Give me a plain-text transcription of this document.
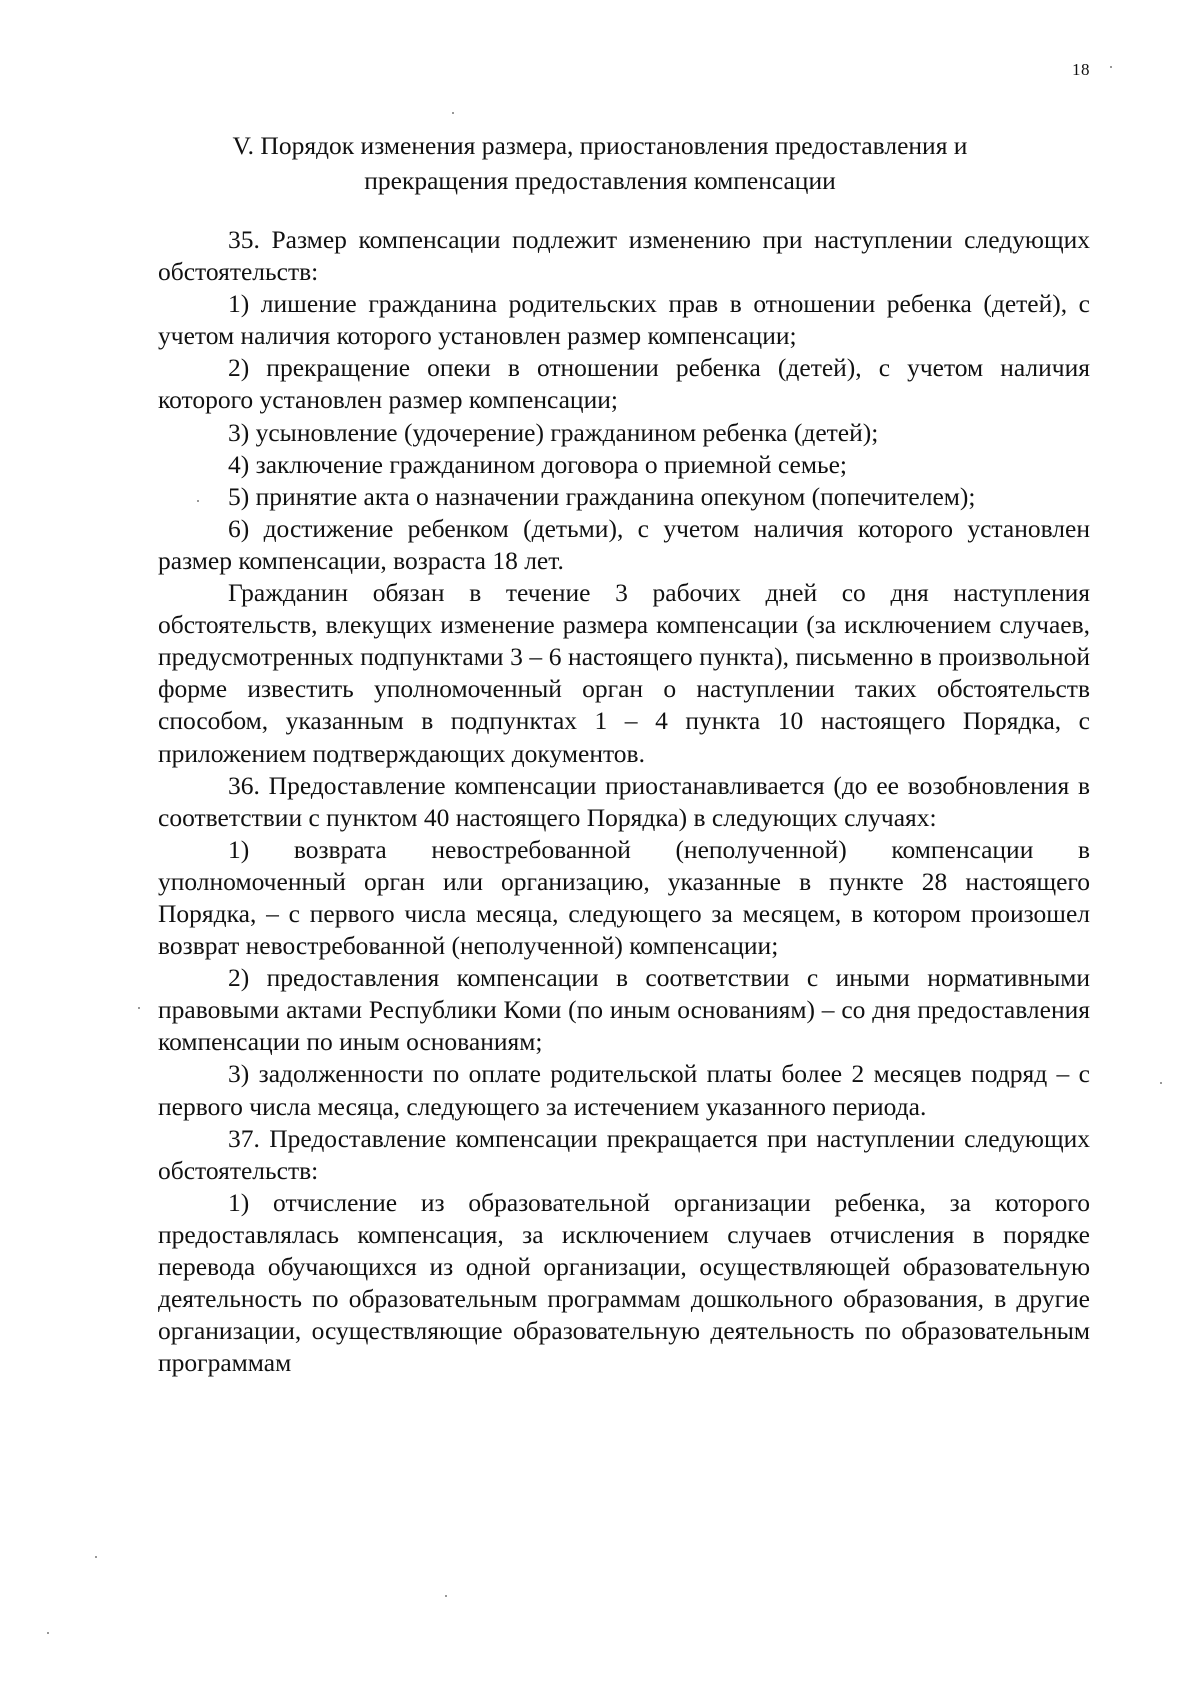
18
V. Порядок изменения размера, приостановления предоставления и
прекращения предоставления компенсации

35. Размер компенсации подлежит изменению при наступлении следующих обстоятельств:

1) лишение гражданина родительских прав в отношении ребенка (детей), с учетом наличия которого установлен размер компенсации;

2) прекращение опеки в отношении ребенка (детей), с учетом наличия которого установлен размер компенсации;

3) усыновление (удочерение) гражданином ребенка (детей);

4) заключение гражданином договора о приемной семье;

5) принятие акта о назначении гражданина опекуном (попечителем);

6) достижение ребенком (детьми), с учетом наличия которого установлен размер компенсации, возраста 18 лет.

Гражданин обязан в течение 3 рабочих дней со дня наступления обстоятельств, влекущих изменение размера компенсации (за исключением случаев, предусмотренных подпунктами 3 – 6 настоящего пункта), письменно в произвольной форме известить уполномоченный орган о наступлении таких обстоятельств способом, указанным в подпунктах 1 – 4 пункта 10 настоящего Порядка, с приложением подтверждающих документов.

36. Предоставление компенсации приостанавливается (до ее возобновления в соответствии с пунктом 40 настоящего Порядка) в следующих случаях:

1) возврата невостребованной (неполученной) компенсации в уполномоченный орган или организацию, указанные в пункте 28 настоящего Порядка, – с первого числа месяца, следующего за месяцем, в котором произошел возврат невостребованной (неполученной) компенсации;

2) предоставления компенсации в соответствии с иными нормативными правовыми актами Республики Коми (по иным основаниям) – со дня предоставления компенсации по иным основаниям;

3) задолженности по оплате родительской платы более 2 месяцев подряд – с первого числа месяца, следующего за истечением указанного периода.

37. Предоставление компенсации прекращается при наступлении следующих обстоятельств:

1) отчисление из образовательной организации ребенка, за которого предоставлялась компенсация, за исключением случаев отчисления в порядке перевода обучающихся из одной организации, осуществляющей образовательную деятельность по образовательным программам дошкольного образования, в другие организации, осуществляющие образовательную деятельность по образовательным программам
